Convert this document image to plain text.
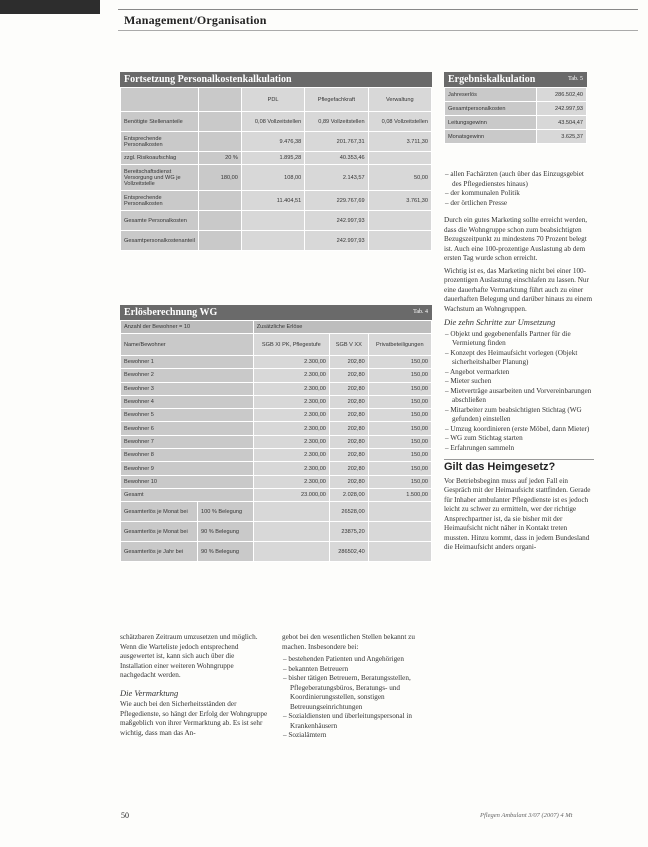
Management/Organisation
Fortsetzung Personalkostenkalkulation
		PDL	Pflegefachkraft	Verwaltung
Benötigte Stellenanteile		0,08 Vollzeitstellen	0,89 Vollzeitstellen	0,08 Vollzeitstellen
Entsprechende Personalkosten		9.476,38	201.767,31	3.711,30
zzgl. Risikoaufschlag	20 %	1.895,28	40.353,46	
Bereitschaftsdienst Versorgung und WG je Vollzeitstelle	180,00	108,00	2.143,57	50,00
Entsprechende Personalkosten		11.404,51	229.767,69	3.761,30
Gesamte Personalkosten			242.997,93	
Gesamtpersonalkostenanteil			242.997,93	
Erlösberechnung WG	Tab. 4
Anzahl der Bewohner = 10		Zusätzliche Erlöse		
Name/Bewohner		SGB XI PK, Pflegestufe	SGB V XX	Privatbeteiligungen
Bewohner 1		2.300,00	202,80	150,00
Bewohner 2		2.300,00	202,80	150,00
Bewohner 3		2.300,00	202,80	150,00
Bewohner 4		2.300,00	202,80	150,00
Bewohner 5		2.300,00	202,80	150,00
Bewohner 6		2.300,00	202,80	150,00
Bewohner 7		2.300,00	202,80	150,00
Bewohner 8		2.300,00	202,80	150,00
Bewohner 9		2.300,00	202,80	150,00
Bewohner 10		2.300,00	202,80	150,00
Gesamt		23.000,00	2.028,00	1.500,00
Gesamterlös je Monat bei	100 % Belegung		26528,00	
Gesamterlös je Monat bei	90 % Belegung		23875,20	
Gesamterlös je Jahr bei	90 % Belegung		286502,40	
Ergebniskalkulation	Tab. 5
Jahreserlös	286.502,40
Gesamtpersonalkosten	242.997,93
Leitungsgewinn	43.504,47
Monatsgewinn	3.625,37

– allen Fachärzten (auch über das Einzugsgebiet des Pflegedienstes hinaus)

– der kommunalen Politik

– der örtlichen Presse

Durch ein gutes Marketing sollte erreicht werden, dass die Wohngruppe schon zum beabsichtigten Bezugszeitpunkt zu mindestens 70 Prozent belegt ist. Auch eine 100-prozentige Auslastung ab dem ersten Tag wurde schon erreicht.

Wichtig ist es, das Marketing nicht bei einer 100-prozentigen Auslastung einschlafen zu lassen. Nur eine dauerhafte Vermarktung führt auch zu einer dauerhaften Belegung und darüber hinaus zu einem Wachstum an Wohngruppen.

Die zehn Schritte zur Umsetzung

– Objekt und gegebenenfalls Partner für die Vermietung finden

– Konzept des Heimaufsicht vorlegen (Objekt sicherheitshalber Planung)

– Angebot vermarkten

– Mieter suchen

– Mietverträge ausarbeiten und Vorvereinbarungen abschließen

– Mitarbeiter zum beabsichtigten Stichtag (WG gefunden) einstellen

– Umzug koordinieren (erste Möbel, dann Mieter)

– WG zum Stichtag starten

– Erfahrungen sammeln

Gilt das Heimgesetz?

Vor Betriebsbeginn muss auf jeden Fall ein Gespräch mit der Heimaufsicht stattfinden. Gerade für Inhaber ambulanter Pflegedienste ist es jedoch leicht zu schwer zu ermitteln, wer der richtige Ansprechpartner ist, da sie bisher mit der Heimaufsicht nicht näher in Kontakt treten mussten. Hinzu kommt, dass in jedem Bundesland die Heimaufsicht anders organi-

schätzbaren Zeitraum umzusetzen und möglich. Wenn die Warteliste jedoch entsprechend ausgewertet ist, kann sich auch über die Installation einer weiteren Wohngruppe nachgedacht werden.

Die Vermarktung

Wie auch bei den Sicherheitsständen der Pflegedienste, so hängt der Erfolg der Wohngruppe maßgeblich von ihrer Vermarktung ab. Es ist sehr wichtig, dass man das An-

gebot bei den wesentlichen Stellen bekannt zu machen. Insbesondere bei:

– bestehenden Patienten und Angehörigen

– bekannten Betreuern

– bisher tätigen Betreuern, Beratungsstellen, Pflegeberatungsbüros, Beratungs- und Koordinierungsstellen, sonstigen Betreuungseinrichtungen

– Sozialdiensten und überleitungspersonal in Krankenhäusern

– Sozialämtern

50	Pflegen Ambulant 3/07 (2007) 4 Mt
